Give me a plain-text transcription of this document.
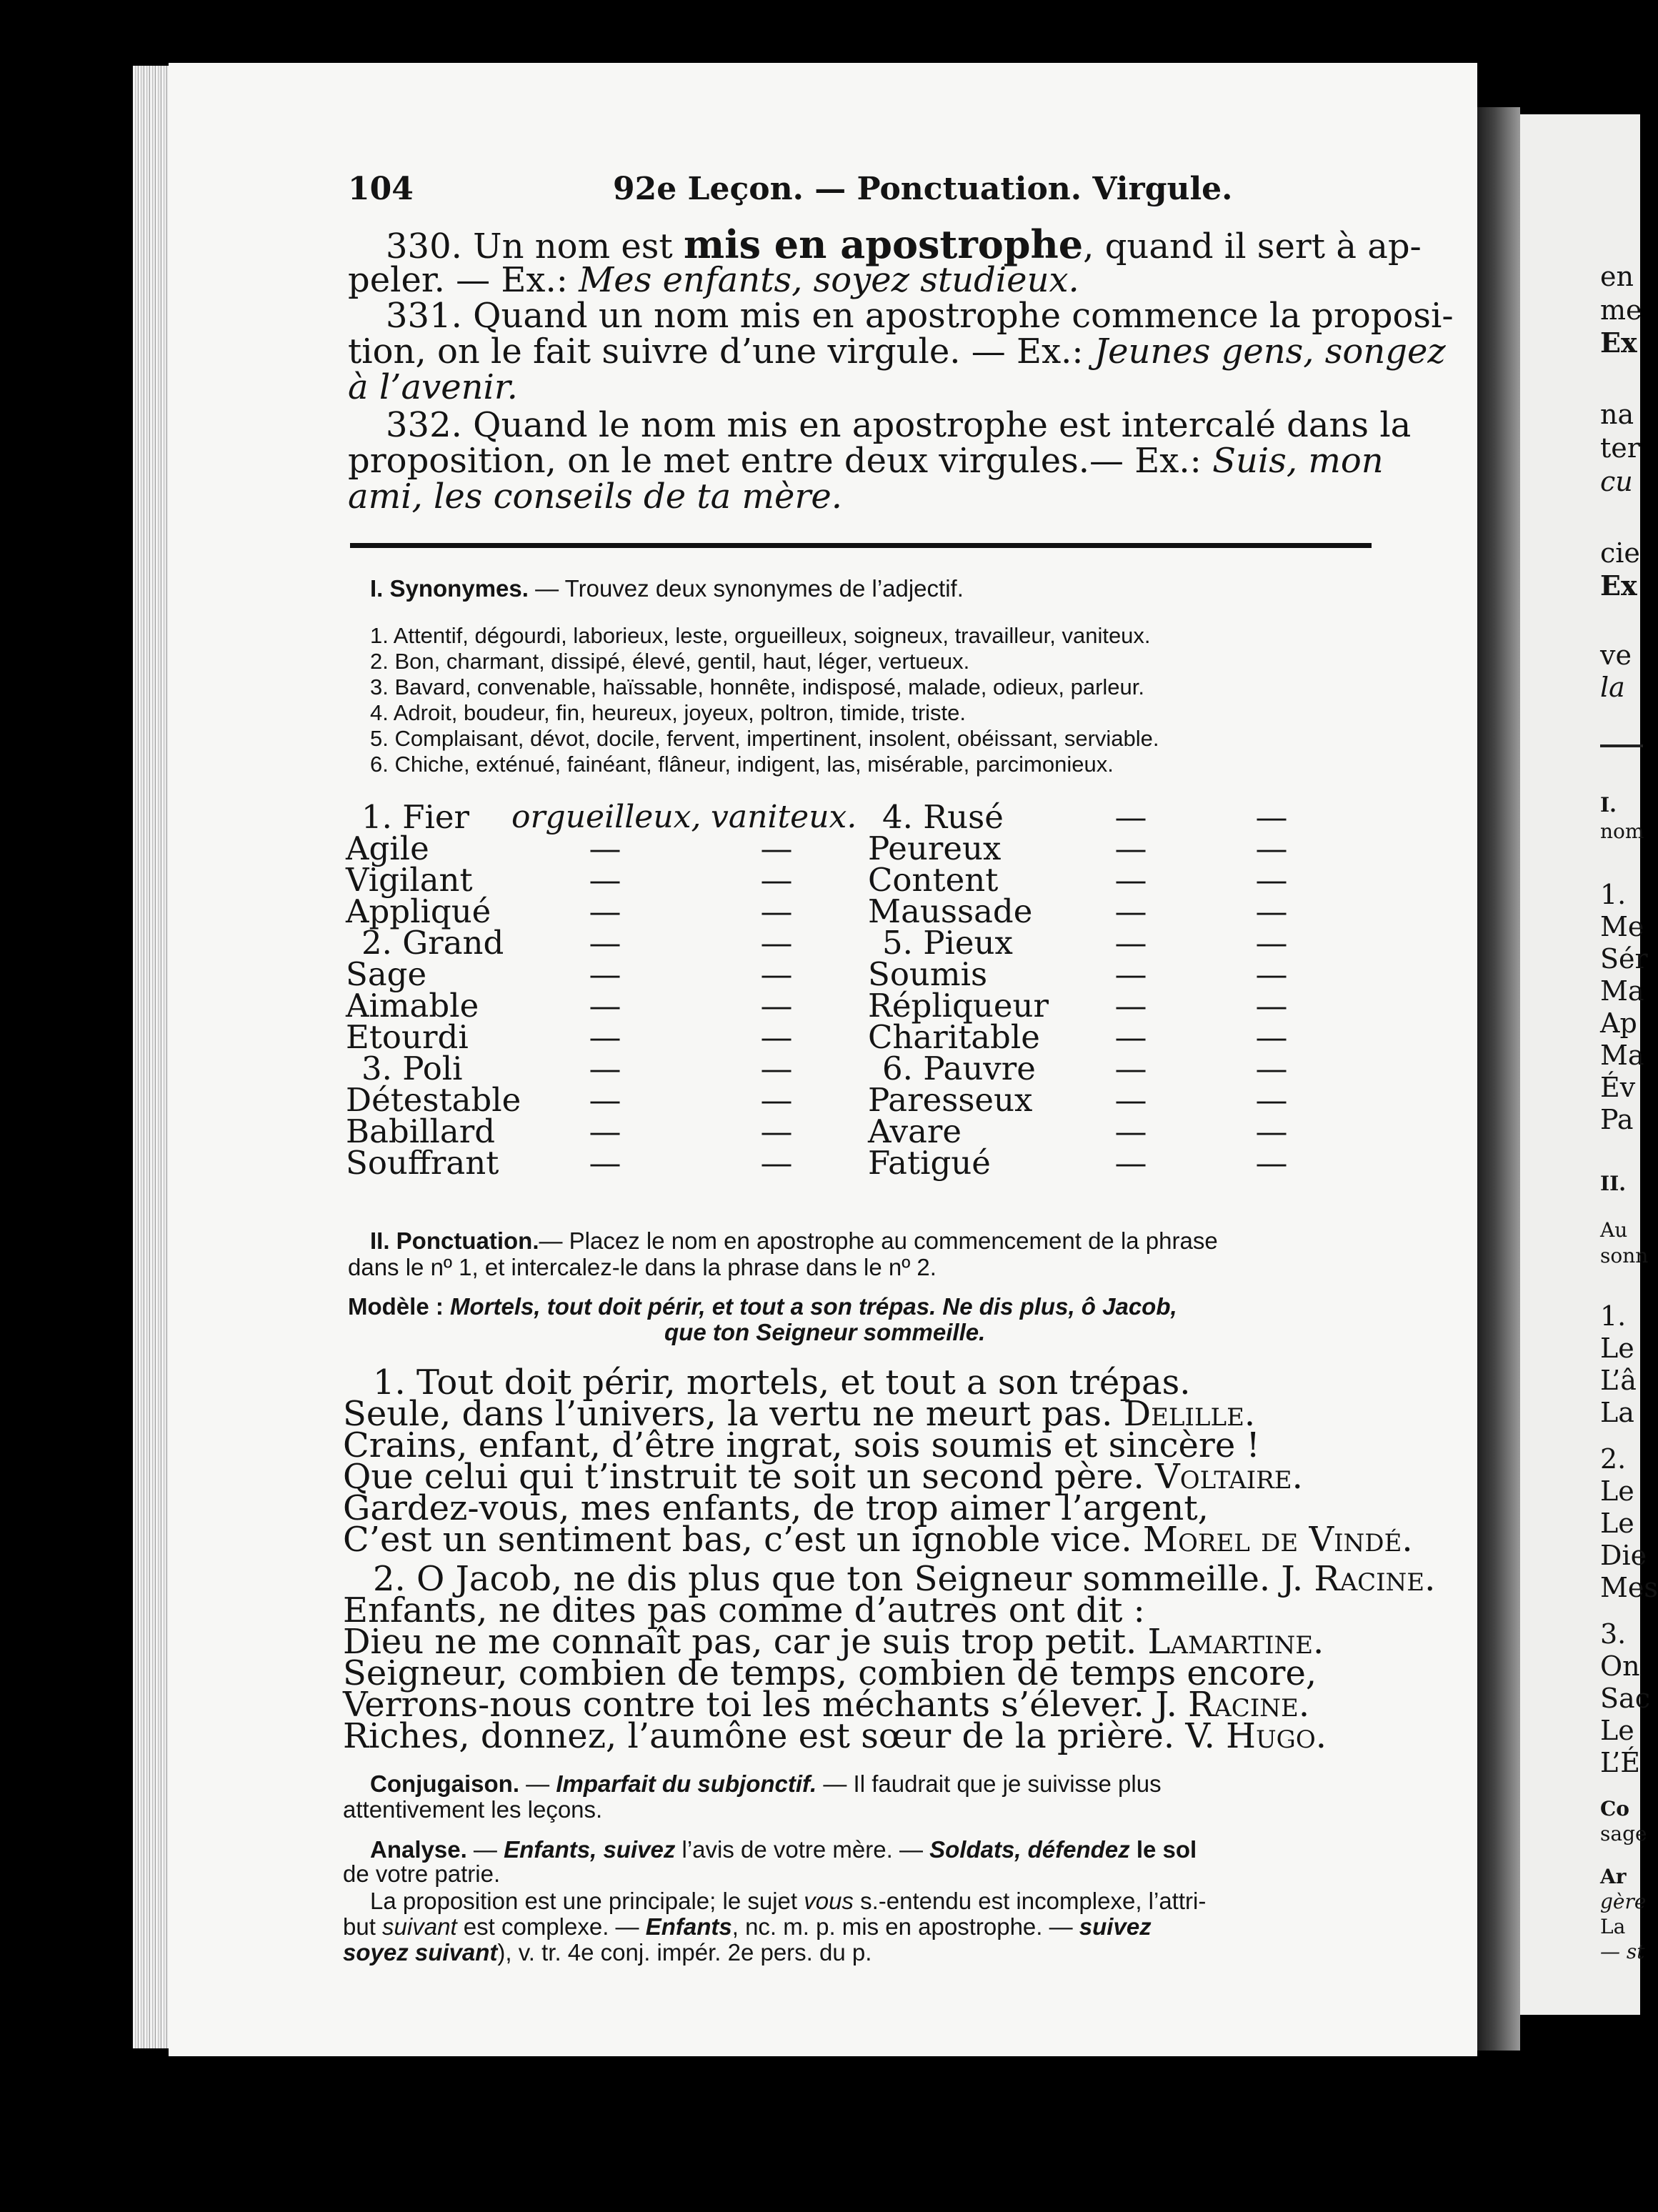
en
me
Ex
na
ter
cu
cie
Ex
ve
la
I.
nom
1.
Me
Sér
Ma
Ap
Ma
Év
Pa
II.
Au
sonn
1.
Le
L’â
La
2.
Le
Le
Die
Mes
3.
On
Sac
Le
L’É
Co
sage
Ar
gère
La
— st
104	92e Leçon. — Ponctuation. Virgule.
330. Un nom est mis en apostrophe, quand il sert à ap-
peler. — Ex.: Mes enfants, soyez studieux.
331. Quand un nom mis en apostrophe commence la proposi-
tion, on le fait suivre d’une virgule. — Ex.: Jeunes gens, songez
à l’avenir.
332. Quand le nom mis en apostrophe est intercalé dans la
proposition, on le met entre deux virgules.— Ex.: Suis, mon
ami, les conseils de ta mère.
I. Synonymes. — Trouvez deux synonymes de l’adjectif.
1. Attentif, dégourdi, laborieux, leste, orgueilleux, soigneux, travailleur, vaniteux.
2. Bon, charmant, dissipé, élevé, gentil, haut, léger, vertueux.
3. Bavard, convenable, haïssable, honnête, indisposé, malade, odieux, parleur.
4. Adroit, boudeur, fin, heureux, joyeux, poltron, timide, triste.
5. Complaisant, dévot, docile, fervent, impertinent, insolent, obéissant, serviable.
6. Chiche, exténué, fainéant, flâneur, indigent, las, misérable, parcimonieux.
1. Fier
Agile
Vigilant
Appliqué
2. Grand
Sage
Aimable
Etourdi
3. Poli
Détestable
Babillard
Souffrant
orgueilleux, vaniteux.
—
—
—
—
—
—
—
—
—
—
—
—
—
—
—
—
—
—
—
—
—
—
4. Rusé
Peureux
Content
Maussade
5. Pieux
Soumis
Répliqueur
Charitable
6. Pauvre
Paresseux
Avare
Fatigué
—
—
—
—
—
—
—
—
—
—
—
—
—
—
—
—
—
—
—
—
—
—
—
—
II. Ponctuation.— Placez le nom en apostrophe au commencement de la phrase
dans le nº 1, et intercalez-le dans la phrase dans le nº 2.
Modèle : Mortels, tout doit périr, et tout a son trépas. Ne dis plus, ô Jacob,
que ton Seigneur sommeille.
1. Tout doit périr, mortels, et tout a son trépas.
Seule, dans l’univers, la vertu ne meurt pas. Delille.
Crains, enfant, d’être ingrat, sois soumis et sincère !
Que celui qui t’instruit te soit un second père. Voltaire.
Gardez-vous, mes enfants, de trop aimer l’argent,
C’est un sentiment bas, c’est un ignoble vice. Morel de Vindé.
2. O Jacob, ne dis plus que ton Seigneur sommeille. J. Racine.
Enfants, ne dites pas comme d’autres ont dit :
Dieu ne me connaît pas, car je suis trop petit. Lamartine.
Seigneur, combien de temps, combien de temps encore,
Verrons-nous contre toi les méchants s’élever. J. Racine.
Riches, donnez, l’aumône est sœur de la prière. V. Hugo.
Conjugaison. — Imparfait du subjonctif. — Il faudrait que je suivisse plus
attentivement les leçons.
Analyse. — Enfants, suivez l’avis de votre mère. — Soldats, défendez le sol
de votre patrie.
La proposition est une principale; le sujet vous s.-entendu est incomplexe, l’attri-
but suivant est complexe. — Enfants, nc. m. p. mis en apostrophe. — suivez
soyez suivant), v. tr. 4e conj. impér. 2e pers. du p.
